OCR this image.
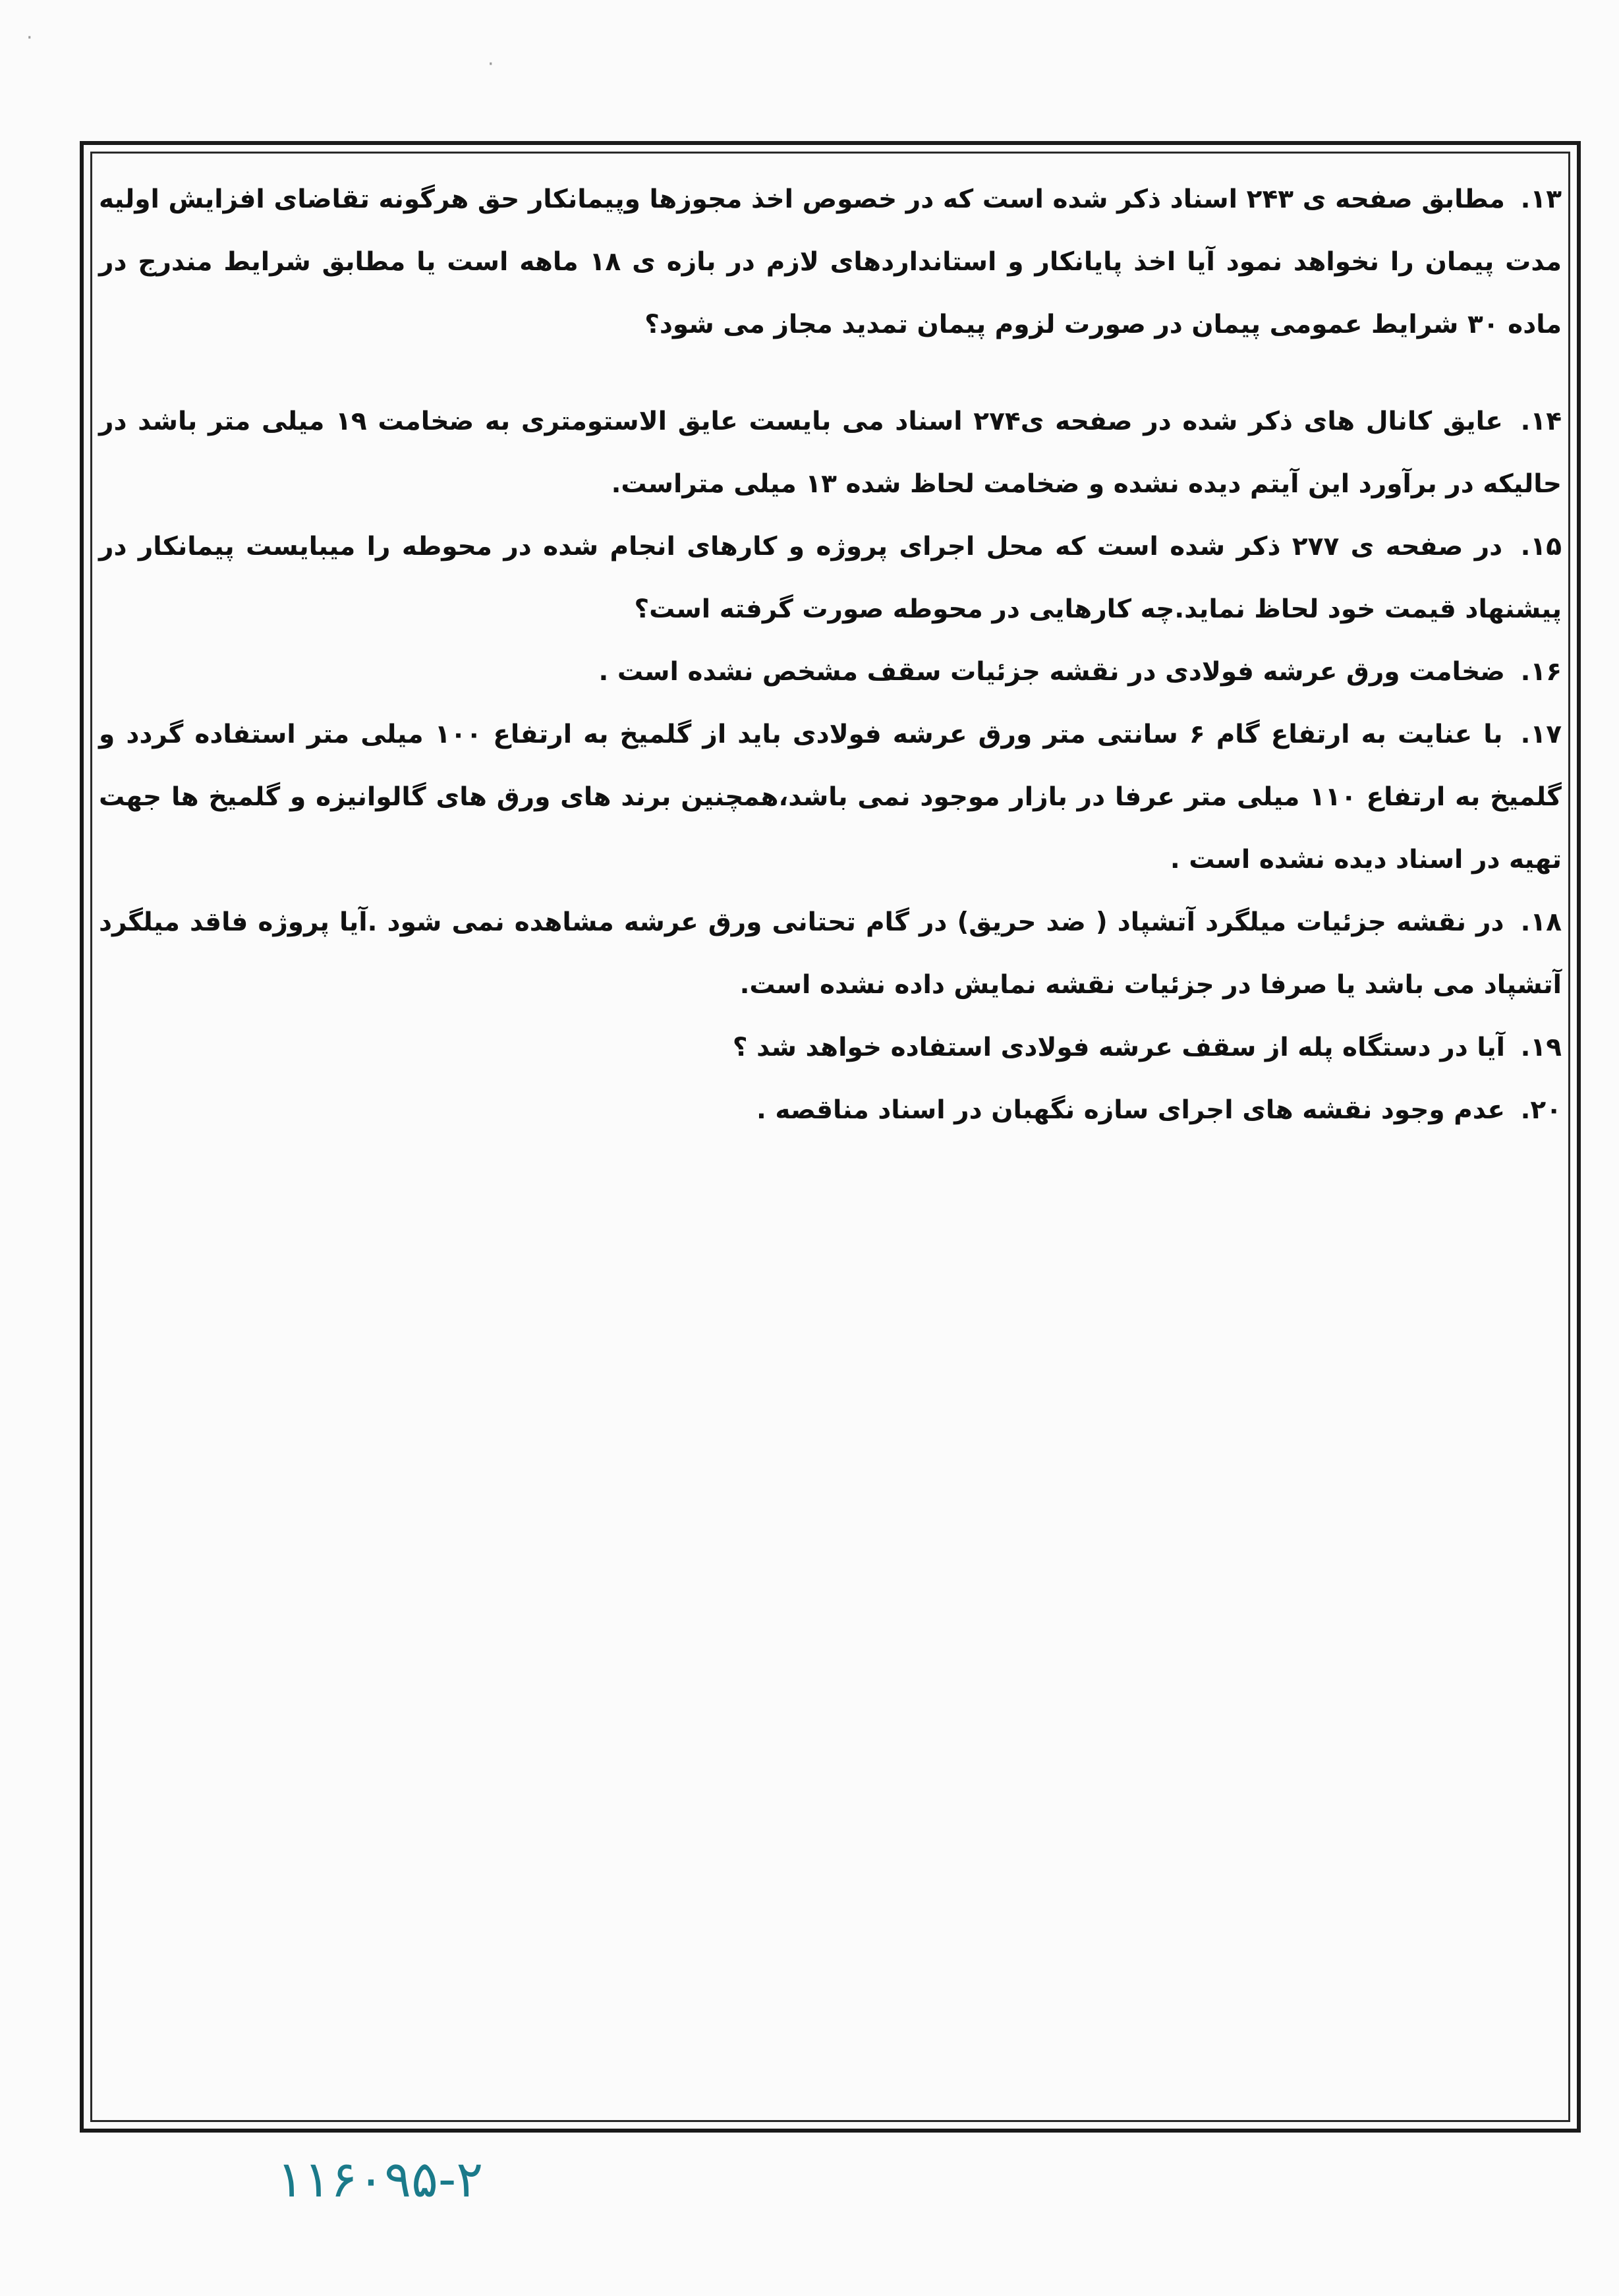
·
·

۱۳. مطابق صفحه ی ۲۴۳ اسناد ذکر شده است که در خصوص اخذ مجوزها وپیمانکار حق هرگونه تقاضای افزایش اولیه مدت پیمان را نخواهد نمود آیا اخذ پایانکار و استانداردهای لازم در بازه ی ۱۸ ماهه است یا مطابق شرایط مندرج در ماده ۳۰ شرایط عمومی پیمان در صورت لزوم پیمان تمدید مجاز می شود؟

۱۴. عایق کانال های ذکر شده در صفحه ی۲۷۴ اسناد می بایست عایق الاستومتری به ضخامت ۱۹ میلی متر باشد در حالیکه در برآورد این آیتم دیده نشده و ضخامت لحاظ شده ۱۳ میلی متراست.

۱۵. در صفحه ی ۲۷۷ ذکر شده است که محل اجرای پروژه و کارهای انجام شده در محوطه را میبایست پیمانکار در پیشنهاد قیمت خود لحاظ نماید.چه کارهایی در محوطه صورت گرفته است؟

۱۶. ضخامت ورق عرشه فولادی در نقشه جزئیات سقف مشخص نشده است .

۱۷. با عنایت به ارتفاع گام ۶ سانتی متر ورق عرشه فولادی باید از گلمیخ به ارتفاع ۱۰۰ میلی متر استفاده گردد و گلمیخ به ارتفاع ۱۱۰ میلی متر عرفا در بازار موجود نمی باشد،همچنین برند های ورق های گالوانیزه و گلمیخ ها جهت تهیه در اسناد دیده نشده است .

۱۸. در نقشه جزئیات میلگرد آتشپاد ( ضد حریق) در گام تحتانی ورق عرشه مشاهده نمی شود .آیا پروژه فاقد میلگرد آتشپاد می باشد یا صرفا در جزئیات نقشه نمایش داده نشده است.

۱۹. آیا در دستگاه پله از سقف عرشه فولادی استفاده خواهد شد ؟

۲۰. عدم وجود نقشه های اجرای سازه نگهبان در اسناد مناقصه .

۱۱۶۰۹۵-۲
